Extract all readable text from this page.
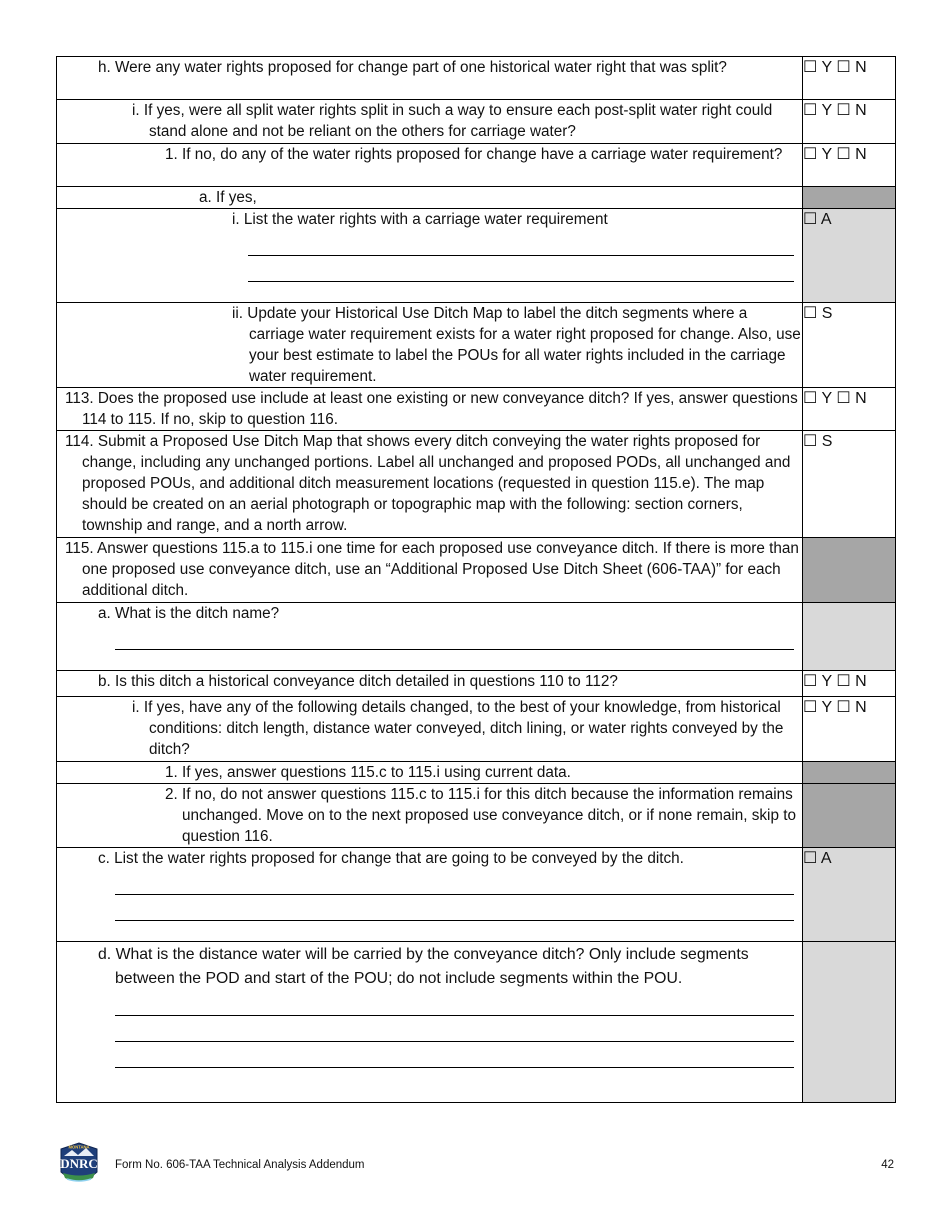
h. Were any water rights proposed for change part of one historical water right that was split?	☐ Y ☐ N

i. If yes, were all split water rights split in such a way to ensure each post-split water right could stand alone and not be reliant on the others for carriage water?	☐ Y ☐ N

1. If no, do any of the water rights proposed for change have a carriage water requirement?	☐ Y ☐ N

a. If yes,	

i. List the water rights with a carriage water requirement	☐ A

ii. Update your Historical Use Ditch Map to label the ditch segments where a carriage water requirement exists for a water right proposed for change. Also, use your best estimate to label the POUs for all water rights included in the carriage water requirement.	☐ S

113. Does the proposed use include at least one existing or new conveyance ditch? If yes, answer questions 114 to 115. If no, skip to question 116.	☐ Y ☐ N

114. Submit a Proposed Use Ditch Map that shows every ditch conveying the water rights proposed for change, including any unchanged portions. Label all unchanged and proposed PODs, all unchanged and proposed POUs, and additional ditch measurement locations (requested in question 115.e). The map should be created on an aerial photograph or topographic map with the following: section corners, township and range, and a north arrow.	☐ S

115. Answer questions 115.a to 115.i one time for each proposed use conveyance ditch. If there is more than one proposed use conveyance ditch, use an “Additional Proposed Use Ditch Sheet (606-TAA)” for each additional ditch.	

a. What is the ditch name?	

b. Is this ditch a historical conveyance ditch detailed in questions 110 to 112?	☐ Y ☐ N

i. If yes, have any of the following details changed, to the best of your knowledge, from historical conditions: ditch length, distance water conveyed, ditch lining, or water rights conveyed by the ditch?	☐ Y ☐ N

1. If yes, answer questions 115.c to 115.i using current data.	

2. If no, do not answer questions 115.c to 115.i for this ditch because the information remains unchanged. Move on to the next proposed use conveyance ditch, or if none remain, skip to question 116.	

c. List the water rights proposed for change that are going to be conveyed by the ditch.	☐ A

d. What is the distance water will be carried by the conveyance ditch? Only include segments between the POD and start of the POU; do not include segments within the POU.	

MONTANA
DNRC Form No. 606-TAA Technical Analysis Addendum	42
